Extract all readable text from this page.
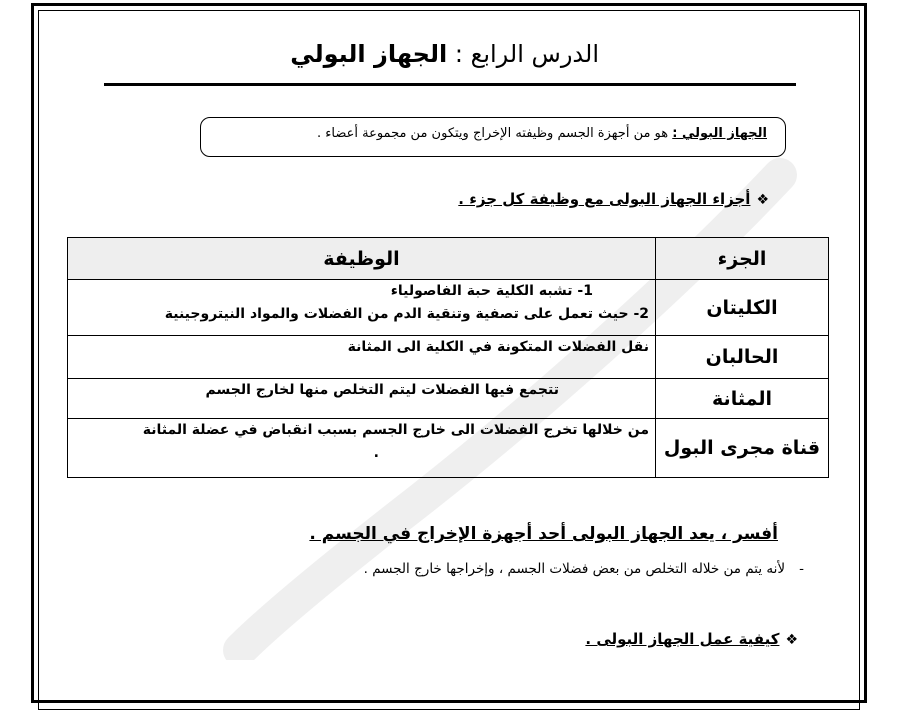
الدرس الرابع : الجهاز البولي
الجهاز البولي : هو من أجهزة الجسم وظيفته الإخراج ويتكون من مجموعة أعضاء .
❖أجزاء الجهاز البولى مع وظيفة كل جزء .
الجزء	الوظيفة
الكليتان	1- تشبه الكلية حبة الفاصولياء
2- حيث تعمل على تصفية وتنقية الدم من الفضلات والمواد النيتروجينية

الحالبان	نقل الفضلات المتكونة في الكلية الى المثانة

المثانة	تتجمع فيها الفضلات ليتم التخلص منها لخارج الجسم

قناة مجرى البول	من خلالها تخرج الفضلات الى خارج الجسم بسبب انقباض في عضلة المثانة
.
أفسر ، يعد الجهاز البولى أحد أجهزة الإخراج في الجسم .
-لأنه يتم من خلاله التخلص من بعض فضلات الجسم ، وإخراجها خارج الجسم .
❖كيفية عمل الجهاز البولى .
